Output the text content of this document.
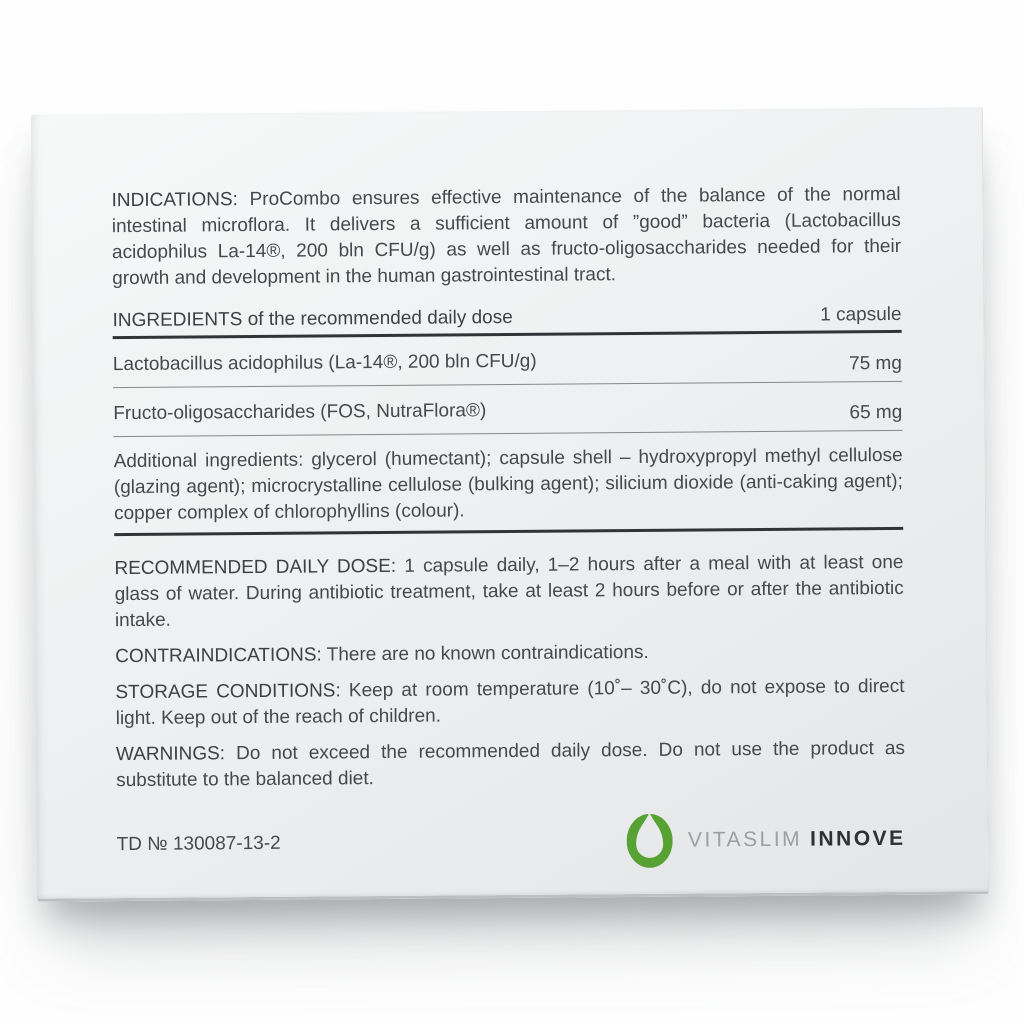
INDICATIONS: ProCombo ensures effective maintenance of the balance of the normal intestinal microflora. It delivers a sufficient amount of ”good” bacteria (Lactobacillus acidophilus La-14®, 200 bln CFU/g) as well as fructo-oligosaccharides needed for their growth and development in the human gastrointestinal tract.

INGREDIENTS of the recommended daily dose	1 capsule
Lactobacillus acidophilus (La-14®, 200 bln CFU/g)	75 mg
Fructo-oligosaccharides (FOS, NutraFlora®)	65 mg

Additional ingredients: glycerol (humectant); capsule shell – hydroxypropyl methyl cellulose (glazing agent); microcrystalline cellulose (bulking agent); silicium dioxide (anti-caking agent); copper complex of chlorophyllins (colour).

RECOMMENDED DAILY DOSE: 1 capsule daily, 1–2 hours after a meal with at least one glass of water. During antibiotic treatment, take at least 2 hours before or after the antibiotic intake.

CONTRAINDICATIONS: There are no known contraindications.

STORAGE CONDITIONS: Keep at room temperature (10˚– 30˚C), do not expose to direct light. Keep out of the reach of children.

WARNINGS: Do not exceed the recommended daily dose. Do not use the product as substitute to the balanced diet.

TD № 130087-13-2	VITASLIM INNOVE
